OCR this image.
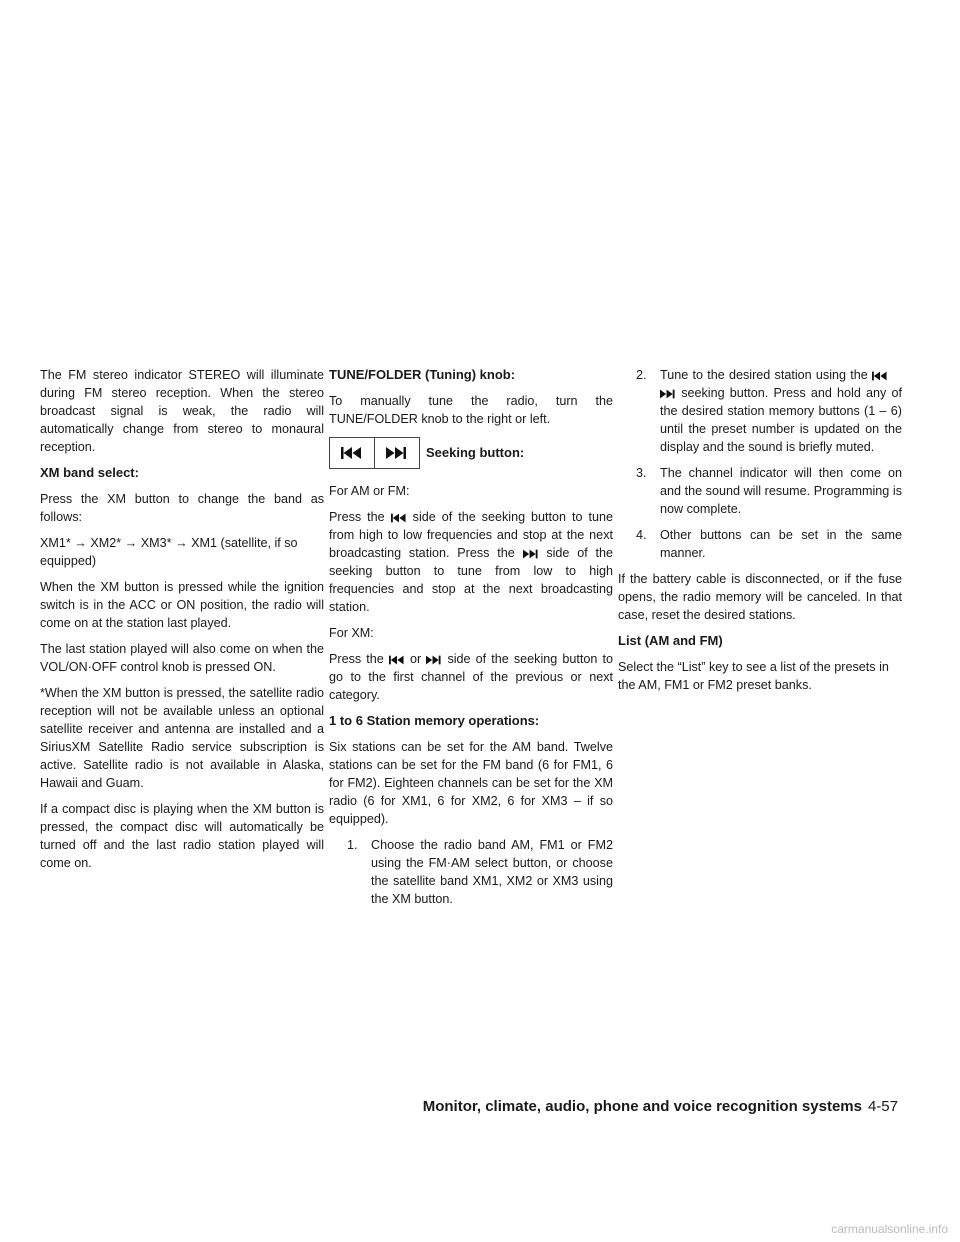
The FM stereo indicator STEREO will illuminate during FM stereo reception. When the stereo broadcast signal is weak, the radio will automatically change from stereo to monaural reception.

XM band select:

Press the XM button to change the band as follows:

XM1* → XM2* → XM3* → XM1 (satellite, if so equipped)

When the XM button is pressed while the ignition switch is in the ACC or ON position, the radio will come on at the station last played.

The last station played will also come on when the VOL/ON·OFF control knob is pressed ON.

*When the XM button is pressed, the satellite radio reception will not be available unless an optional satellite receiver and antenna are installed and a SiriusXM Satellite Radio service subscription is active. Satellite radio is not available in Alaska, Hawaii and Guam.

If a compact disc is playing when the XM button is pressed, the compact disc will automatically be turned off and the last radio station played will come on.

TUNE/FOLDER (Tuning) knob:

To manually tune the radio, turn the TUNE/FOLDER knob to the right or left.

Seeking button:

For AM or FM:

Press the side of the seeking button to tune from high to low frequencies and stop at the next broadcasting station. Press the	side of the seeking button to tune from low to high frequencies and stop at the next broadcasting station.

For XM:

Press the or side of the seeking button to go to the first channel of the previous or next category.

1 to 6 Station memory operations:

Six stations can be set for the AM band. Twelve stations can be set for the FM band (6 for FM1, 6 for FM2). Eighteen channels can be set for the XM radio (6 for XM1, 6 for XM2, 6 for XM3 – if so equipped).

1. Choose the radio band AM, FM1 or FM2 using the FM·AM select button, or choose the satellite band XM1, XM2 or XM3 using the XM button.
2. Tune to the desired station using the  seeking button. Press and hold any of the desired station memory buttons (1 – 6) until the preset number is updated on the display and the sound is briefly muted.
3. The channel indicator will then come on and the sound will resume. Programming is now complete.
4. Other buttons can be set in the same manner.

If the battery cable is disconnected, or if the fuse opens, the radio memory will be canceled. In that case, reset the desired stations.

List (AM and FM)

Select the “List” key to see a list of the presets in the AM, FM1 or FM2 preset banks.

Monitor, climate, audio, phone and voice recognition systems 4-57
carmanualsonline.info
